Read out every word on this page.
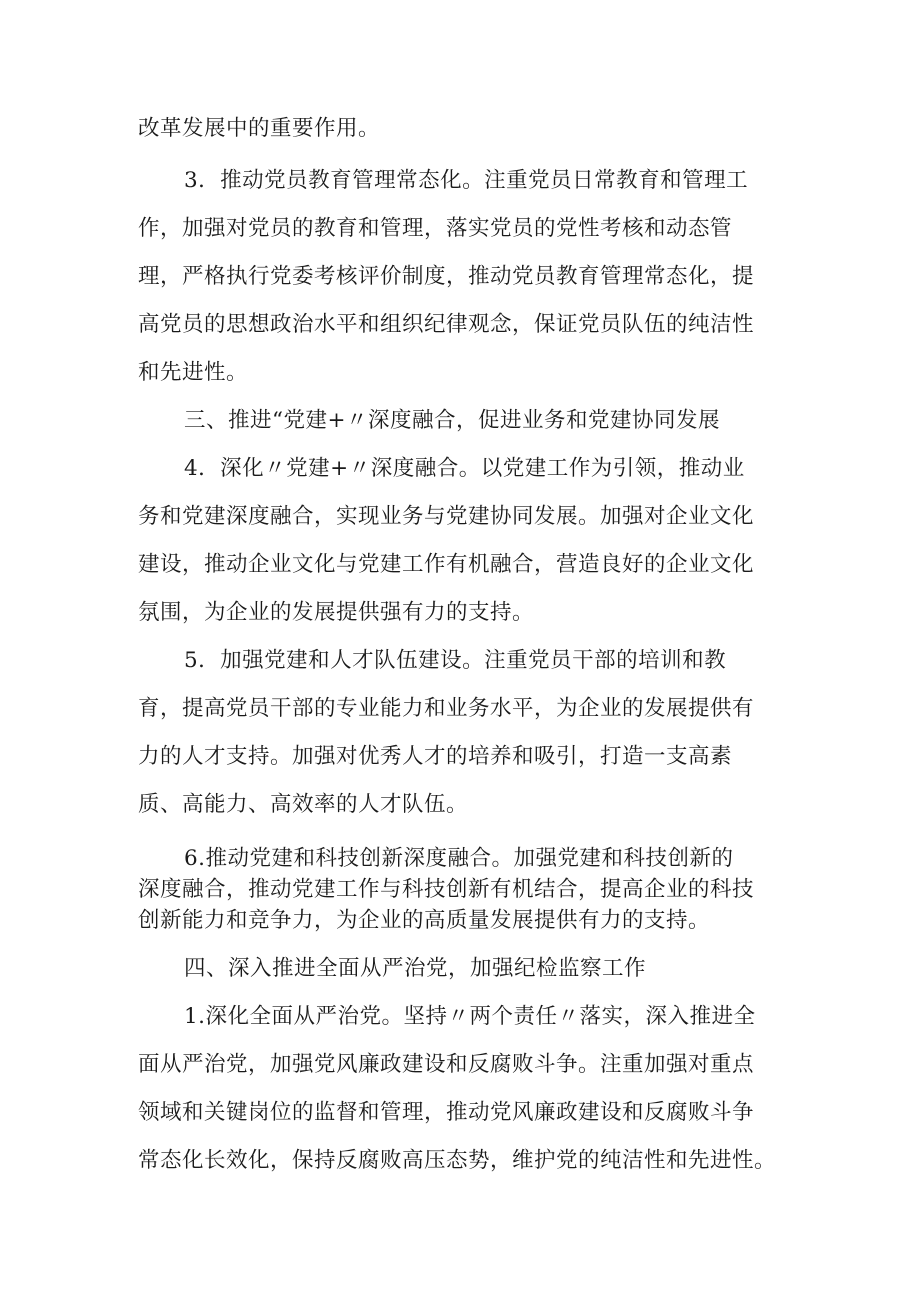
改革发展中的重要作用。
3．推动党员教育管理常态化。注重党员日常教育和管理工
作，加强对党员的教育和管理，落实党员的党性考核和动态管
理，严格执行党委考核评价制度，推动党员教育管理常态化，提
高党员的思想政治水平和组织纪律观念，保证党员队伍的纯洁性
和先进性。
三、推进“党建+〃深度融合，促进业务和党建协同发展
4．深化〃党建+〃深度融合。以党建工作为引领，推动业
务和党建深度融合，实现业务与党建协同发展。加强对企业文化
建设，推动企业文化与党建工作有机融合，营造良好的企业文化
氛围，为企业的发展提供强有力的支持。
5．加强党建和人才队伍建设。注重党员干部的培训和教
育，提高党员干部的专业能力和业务水平，为企业的发展提供有
力的人才支持。加强对优秀人才的培养和吸引，打造一支高素
质、高能力、高效率的人才队伍。
6.推动党建和科技创新深度融合。加强党建和科技创新的
深度融合，推动党建工作与科技创新有机结合，提高企业的科技
创新能力和竞争力，为企业的高质量发展提供有力的支持。
四、深入推进全面从严治党，加强纪检监察工作
1.深化全面从严治党。坚持〃两个责任〃落实，深入推进全
面从严治党，加强党风廉政建设和反腐败斗争。注重加强对重点
领域和关键岗位的监督和管理，推动党风廉政建设和反腐败斗争
常态化长效化，保持反腐败高压态势，维护党的纯洁性和先进性。
